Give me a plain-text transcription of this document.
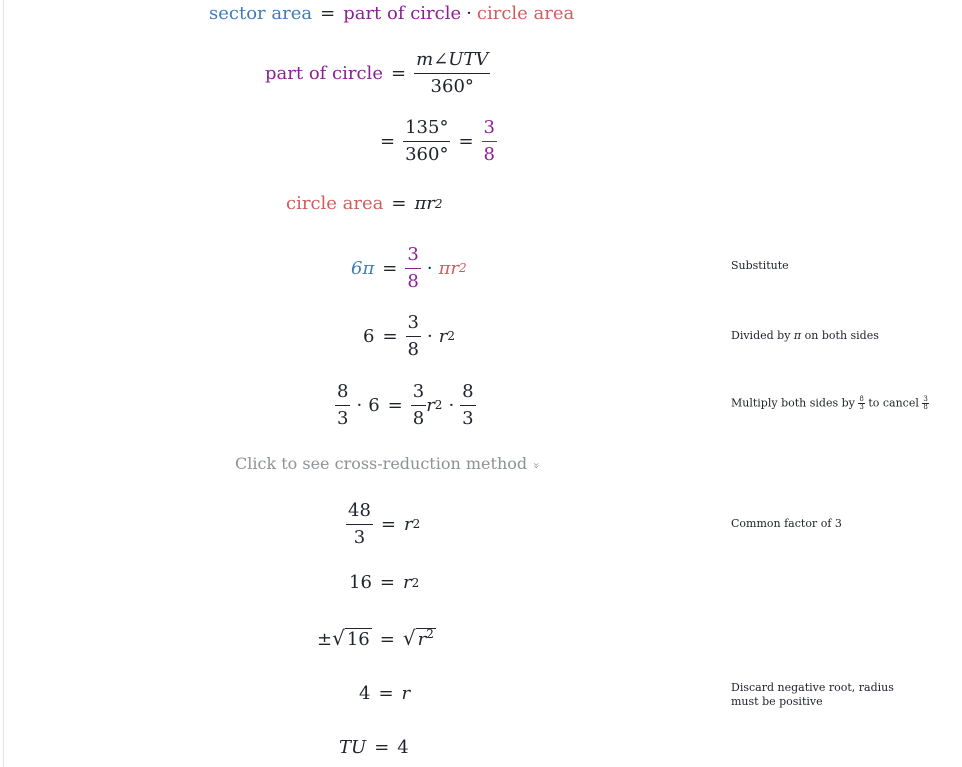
sector area = part of circle · circle area
part of circle = $\frac{\text{m∠UTV}}{360^\circ}$
= $\frac{135^\circ}{360^\circ} = \frac{3}{8}$
circle area = πr 2
$6\pi = \frac{3}{8} \cdot \pi r$ 2	Substitute
$6 = \frac{3}{8} \cdot r$ 2	Divided by π on both sides
$\frac{8}{3} \cdot 6 = \frac{3}{8}$ r $2 \cdot \frac{8}{3}$	Multiply both sides by $\frac{8}{3}$ to cancel $\frac{3}{8}$
Click to see cross-reduction method »
$\frac{48}{3} = r$ 2	Common factor of 3
16 = r 2
± √ 16 = √ $r^2$
4 = r	Discard negative root, radius must be positive
TU = 4
